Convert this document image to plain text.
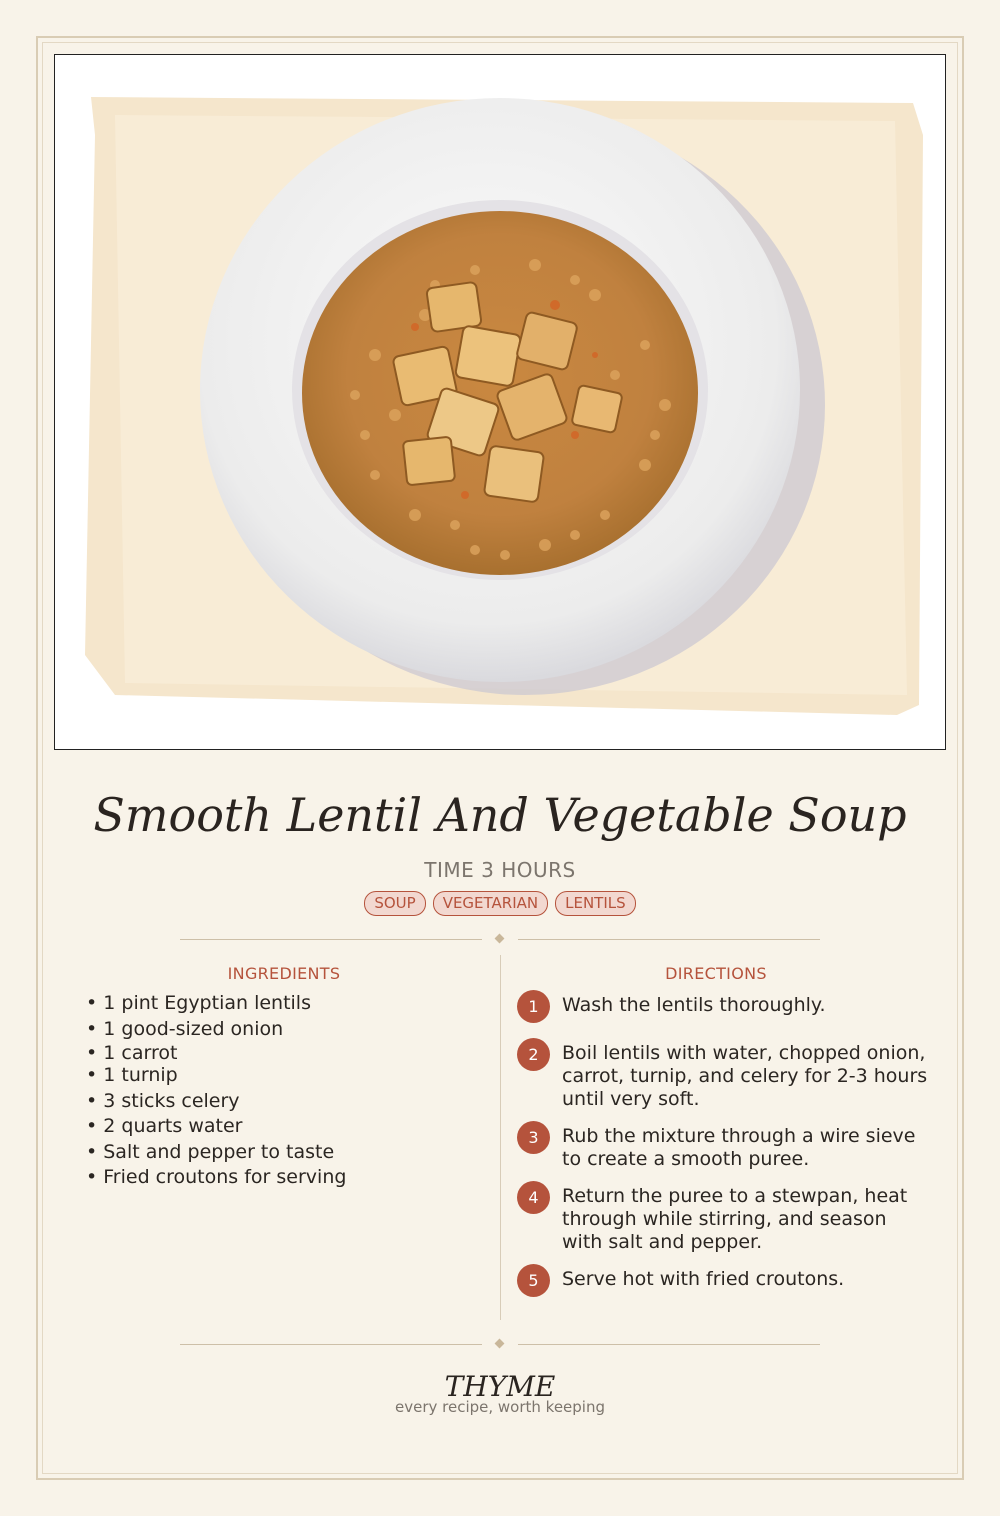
Smooth Lentil And Vegetable Soup
TIME 3 HOURS
SOUP	VEGETARIAN	LENTILS
INGREDIENTS
• 1 pint Egyptian lentils
• 1 good-sized onion
• 1 carrot
• 1 turnip
• 3 sticks celery
• 2 quarts water
• Salt and pepper to taste
• Fried croutons for serving
DIRECTIONS
1	Wash the lentils thoroughly.
2	Boil lentils with water, chopped onion, carrot, turnip, and celery for 2-3 hours until very soft.
3	Rub the mixture through a wire sieve to create a smooth puree.
4	Return the puree to a stewpan, heat through while stirring, and season with salt and pepper.
5	Serve hot with fried croutons.
THYME
every recipe, worth keeping
